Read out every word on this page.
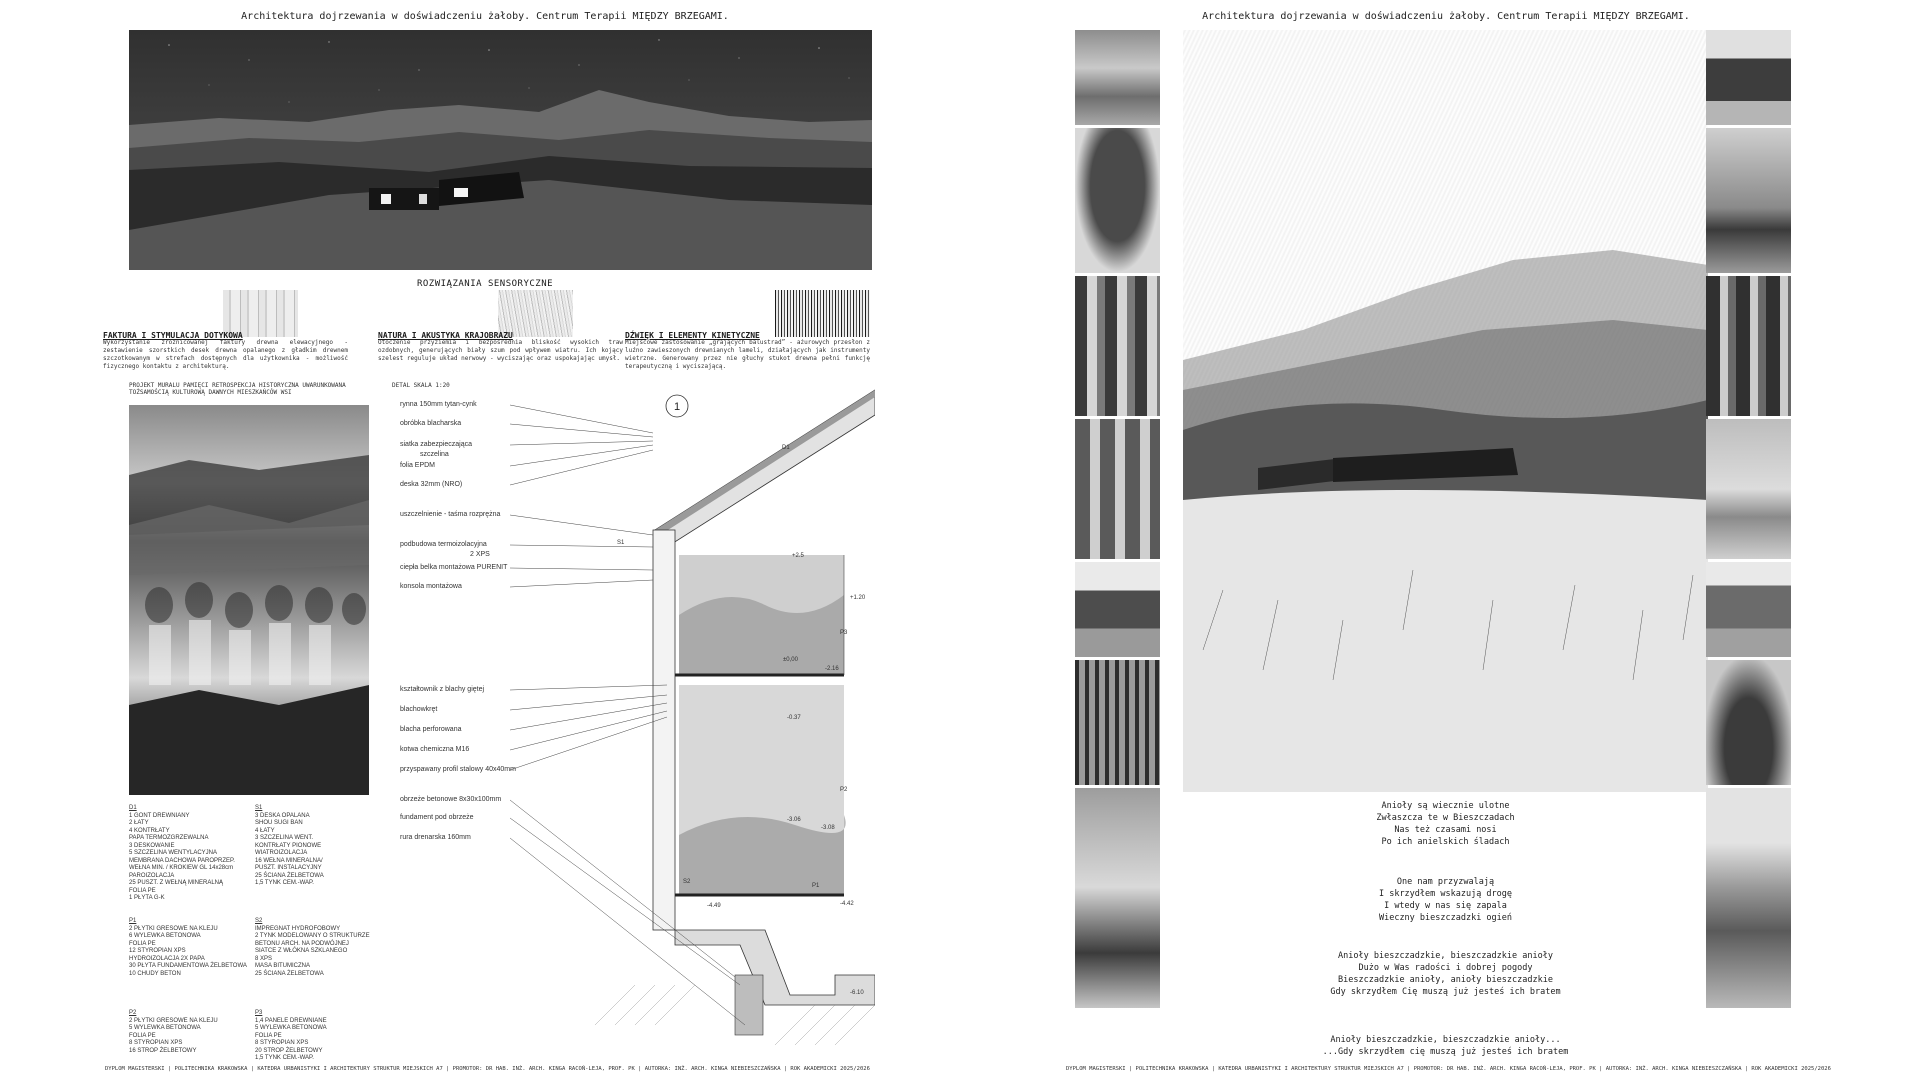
Architektura dojrzewania w doświadczeniu żałoby. Centrum Terapii MIĘDZY BRZEGAMI.
ROZWIĄZANIA SENSORYCZNE
FAKTURA I STYMULACJA DOTYKOWA

Wykorzystanie zróżnicowanej faktury drewna elewacyjnego - zestawienie szorstkich desek drewna opalanego z gładkim drewnem szczotkowanym w strefach dostępnych dla użytkownika - możliwość fizycznego kontaktu z architekturą.

NATURA I AKUSTYKA KRAJOBRAZU

Otoczenie przyziemia i bezpośrednia bliskość wysokich traw ozdobnych, generujących biały szum pod wpływem wiatru. Ich kojący szelest reguluje układ nerwowy - wyciszając oraz uspokajając umysł.

DŹWIĘK I ELEMENTY KINETYCZNE

Miejscowe zastosowanie „grających balustrad” - ażurowych przesłon z luźno zawieszonych drewnianych lameli, działających jak instrumenty wietrzne. Generowany przez nie głuchy stukot drewna pełni funkcję terapeutyczną i wyciszającą.

PROJEKT MURALU PAMIĘCI RETROSPEKCJA HISTORYCZNA UWARUNKOWANA TOŻSAMOŚCIĄ KULTUROWĄ DAWNYCH MIESZKAŃCÓW WSI
DETAL SKALA 1:20
1
rynna 150mm tytan-cynk
obróbka blacharska
siatka zabezpieczająca
szczelina
folia EPDM
deska 32mm (NRO)
uszczelnienie - taśma rozprężna
podbudowa termoizolacyjna
2 XPS
ciepła belka montażowa PURENIT
konsola montażowa
kształtownik z blachy giętej
blachowkręt
blacha perforowana
kotwa chemiczna M16
przyspawany profil stalowy 40x40mm
obrzeże betonowe 8x30x100mm
fundament pod obrzeże
rura drenarska 160mm
+2.5
+1.20
±0,00
-2.16
-0.37
-3.06
-3.08
-4.49	-4.42
-6.10
D1
S1
P3
P2
S2
P1
D1
1 GONT DREWNIANY
2 ŁATY
4 KONTRŁATY
PAPA TERMOZGRZEWALNA
3 DESKOWANIE
5 SZCZELINA WENTYLACYJNA
MEMBRANA DACHOWA PAROPRZEP.
WEŁNA MIN. / KROKIEW GL 14x28cm
PAROIZOLACJA
25 PUSZT. Z WEŁNĄ MINERALNĄ
FOLIA PE
1 PŁYTA G-K
S1
3 DESKA OPALANA
SHOU SUGI BAN
4 ŁATY
3 SZCZELINA WENT.
KONTRŁATY PIONOWE
WIATROIZOLACJA
16 WEŁNA MINERALNA/
PUSZT. INSTALACYJNY
25 ŚCIANA ŻELBETOWA
1,5 TYNK CEM.-WAP.
P1
2 PŁYTKI GRESOWE NA KLEJU
6 WYLEWKA BETONOWA
FOLIA PE
12 STYROPIAN XPS
HYDROIZOLACJA 2X PAPA
30 PŁYTA FUNDAMENTOWA ŻELBETOWA
10 CHUDY BETON
S2
IMPREGNAT HYDROFOBOWY
2 TYNK MODELOWANY O STRUKTURZE
BETONU ARCH. NA PODWÓJNEJ
SIATCE Z WŁÓKNA SZKLANEGO
8 XPS
MASA BITUMICZNA
25 ŚCIANA ŻELBETOWA
P2
2 PŁYTKI GRESOWE NA KLEJU
5 WYLEWKA BETONOWA
FOLIA PE
8 STYROPIAN XPS
16 STROP ŻELBETOWY
P3
1,4 PANELE DREWNIANE
5 WYLEWKA BETONOWA
FOLIA PE
8 STYROPIAN XPS
20 STROP ŻELBETOWY
1,5 TYNK CEM.-WAP.
DYPLOM MAGISTERSKI | POLITECHNIKA KRAKOWSKA | KATEDRA URBANISTYKI I ARCHITEKTURY STRUKTUR MIEJSKICH A7 | PROMOTOR: DR HAB. INŻ. ARCH. KINGA RACOŃ-LEJA, PROF. PK | AUTORKA: INŻ. ARCH. KINGA NIEBIESZCZAŃSKA | ROK AKADEMICKI 2025/2026
Architektura dojrzewania w doświadczeniu żałoby. Centrum Terapii MIĘDZY BRZEGAMI.
Anioły są wiecznie ulotne
Zwłaszcza te w Bieszczadach
Nas też czasami nosi
Po ich anielskich śladach
One nam przyzwalają
I skrzydłem wskazują drogę
I wtedy w nas się zapala
Wieczny bieszczadzki ogień
Anioły bieszczadzkie, bieszczadzkie anioły
Dużo w Was radości i dobrej pogody
Bieszczadzkie anioły, anioły bieszczadzkie
Gdy skrzydłem Cię muszą już jesteś ich bratem
Anioły bieszczadzkie, bieszczadzkie anioły...
...Gdy skrzydłem cię muszą już jesteś ich bratem
DYPLOM MAGISTERSKI | POLITECHNIKA KRAKOWSKA | KATEDRA URBANISTYKI I ARCHITEKTURY STRUKTUR MIEJSKICH A7 | PROMOTOR: DR HAB. INŻ. ARCH. KINGA RACOŃ-LEJA, PROF. PK | AUTORKA: INŻ. ARCH. KINGA NIEBIESZCZAŃSKA | ROK AKADEMICKI 2025/2026
